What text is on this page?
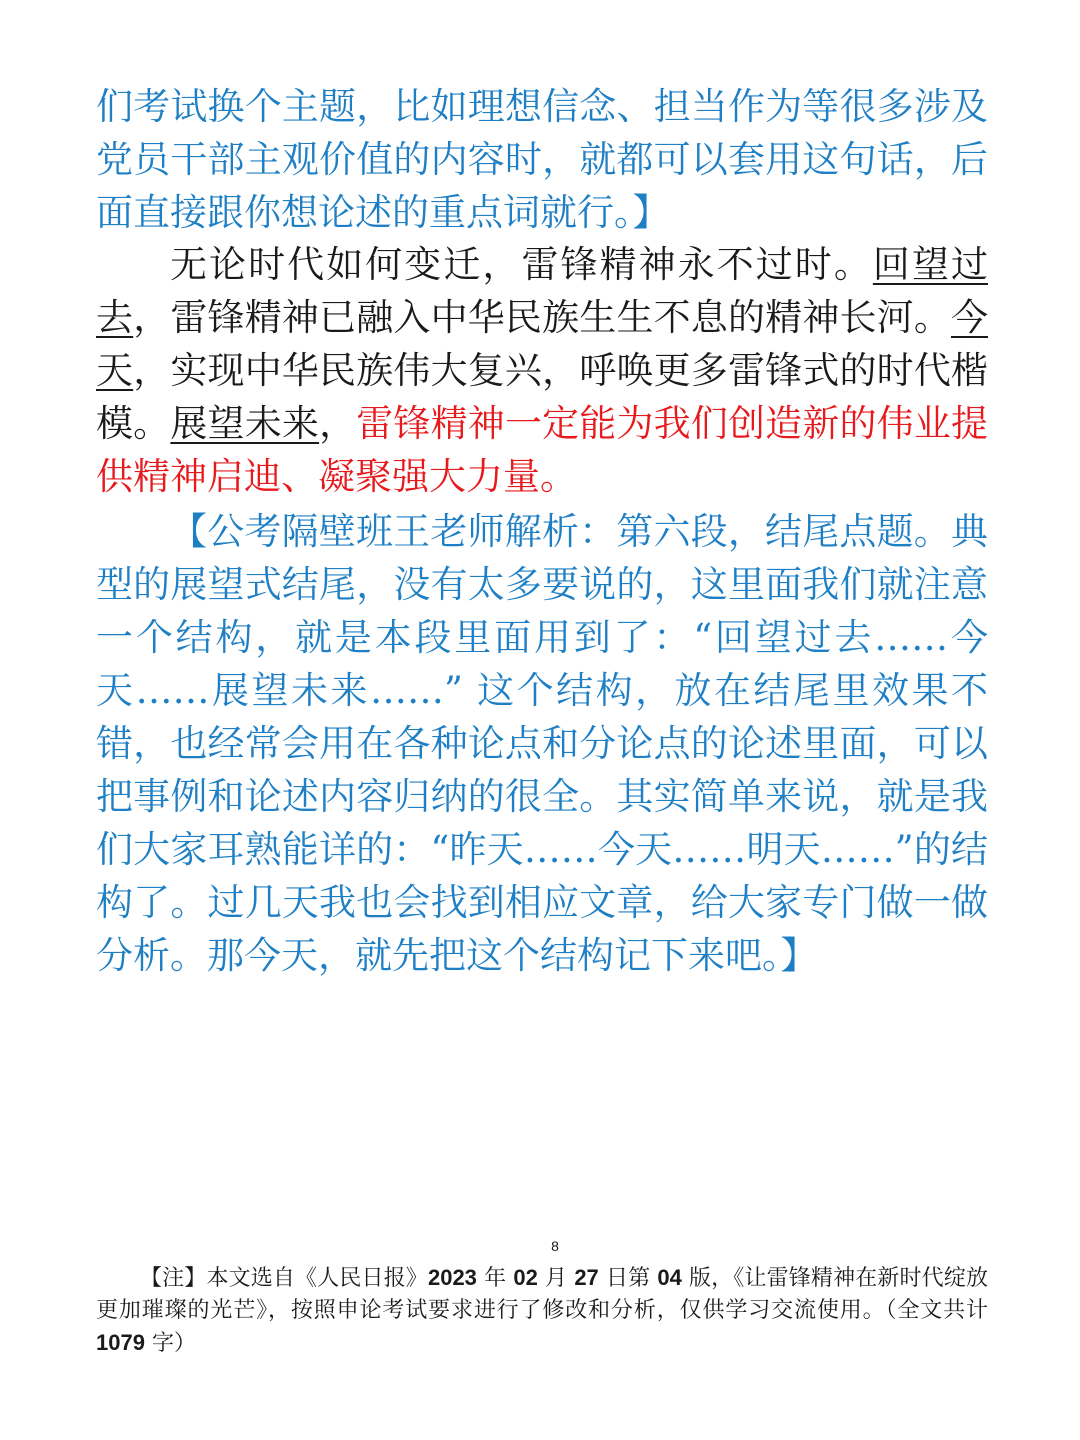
们考试换个主题，比如理想信念、担当作为等很多涉及党员干部主观价值的内容时，就都可以套用这句话，后面直接跟你想论述的重点词就行。】

无论时代如何变迁，雷锋精神永不过时。回望过去，雷锋精神已融入中华民族生生不息的精神长河。今天，实现中华民族伟大复兴，呼唤更多雷锋式的时代楷模。展望未来，雷锋精神一定能为我们创造新的伟业提供精神启迪、凝聚强大力量。

【公考隔壁班王老师解析：第六段，结尾点题。典型的展望式结尾，没有太多要说的，这里面我们就注意一个结构，就是本段里面用到了：“回望过去……今天……展望未来……” 这个结构，放在结尾里效果不错，也经常会用在各种论点和分论点的论述里面，可以把事例和论述内容归纳的很全。其实简单来说，就是我们大家耳熟能详的：“昨天……今天……明天……”的结构了。过几天我也会找到相应文章，给大家专门做一做分析。那今天，就先把这个结构记下来吧。】

8

【注】本文选自《人民日报》2023 年 02 月 27 日第 04 版，《让雷锋精神在新时代绽放更加璀璨的光芒》，按照申论考试要求进行了修改和分析，仅供学习交流使用。（全文共计 1079 字）
